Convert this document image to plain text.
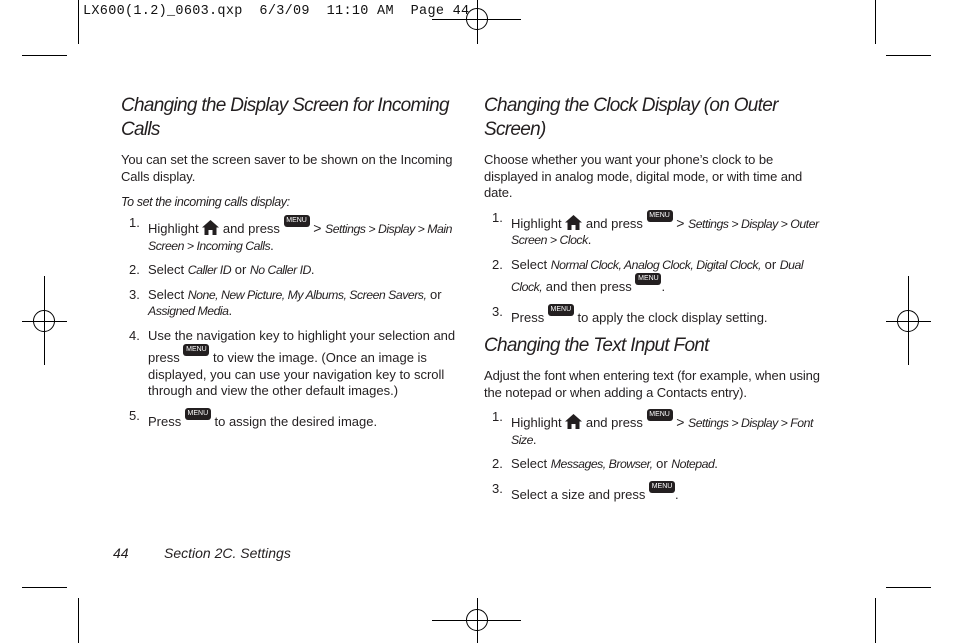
LX600(1.2)_0603.qxp  6/3/09  11:10 AM  Page 44
Changing the Display Screen for Incoming Calls

You can set the screen saver to be shown on the Incoming Calls display.

To set the incoming calls display:

1. Highlight and press MENU OK > Settings > Display > Main Screen > Incoming Calls.
2. Select Caller ID or No Caller ID.
3. Select None, New Picture, My Albums, Screen Savers, or Assigned Media.
4. Use the navigation key to highlight your selection and press MENU OK to view the image. (Once an image is displayed, you can use your navigation key to scroll through and view the other default images.)
5. Press MENU OK to assign the desired image.
Changing the Clock Display (on Outer Screen)

Choose whether you want your phone’s clock to be displayed in analog mode, digital mode, or with time and date.

1. Highlight and press MENU OK > Settings > Display > Outer Screen > Clock.
2. Select Normal Clock, Analog Clock, Digital Clock, or Dual Clock, and then press MENU OK .
3. Press MENU OK to apply the clock display setting.
Changing the Text Input Font

Adjust the font when entering text (for example, when using the notepad or when adding a Contacts entry).

1. Highlight and press MENU OK > Settings > Display > Font Size.
2. Select Messages, Browser, or Notepad.
3. Select a size and press MENU OK .
44	Section 2C. Settings
